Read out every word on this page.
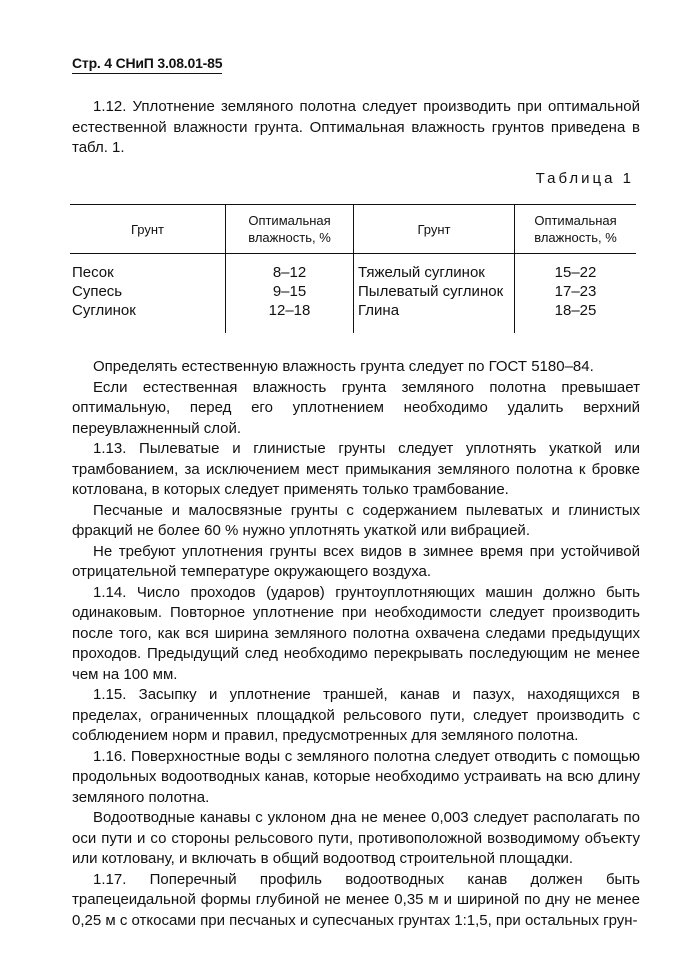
Стр. 4 СНиП 3.08.01-85

1.12. Уплотнение земляного полотна следует производить при оптимальной естественной влажности грунта. Оптимальная влажность грунтов приведена в табл. 1.

Таблица 1
Грунт
Оптимальная влажность, %
Грунт
Оптимальная влажность, %
Песок
Супесь
Суглинок
8–12
9–15
12–18
Тяжелый суглинок
Пылеватый суглинок
Глина
15–22
17–23
18–25

Определять естественную влажность грунта следует по ГОСТ 5180–84.

Если естественная влажность грунта земляного полотна превышает оптимальную, перед его уплотнением необходимо удалить верхний переувлажненный слой.

1.13. Пылеватые и глинистые грунты следует уплотнять укаткой или трамбованием, за исключением мест примыкания земляного полотна к бровке котлована, в которых следует применять только трамбование.

Песчаные и малосвязные грунты с содержанием пылеватых и глинистых фракций не более 60 % нужно уплотнять укаткой или вибрацией.

Не требуют уплотнения грунты всех видов в зимнее время при устойчивой отрицательной температуре окружающего воздуха.

1.14. Число проходов (ударов) грунтоуплотняющих машин должно быть одинаковым. Повторное уплотнение при необходимости следует производить после того, как вся ширина земляного полотна охвачена следами предыдущих проходов. Предыдущий след необходимо перекрывать последующим не менее чем на 100 мм.

1.15. Засыпку и уплотнение траншей, канав и пазух, находящихся в пределах, ограниченных площадкой рельсового пути, следует производить с соблюдением норм и правил, предусмотренных для земляного полотна.

1.16. Поверхностные воды с земляного полотна следует отводить с помощью продольных водоотводных канав, которые необходимо устраивать на всю длину земляного полотна.

Водоотводные канавы с уклоном дна не менее 0,003 следует располагать по оси пути и со стороны рельсового пути, противоположной возводимому объекту или котловану, и включать в общий водоотвод строительной площадки.

1.17. Поперечный профиль водоотводных канав должен быть трапецеидальной формы глубиной не менее 0,35 м и шириной по дну не менее 0,25 м с откосами при песчаных и супесчаных грунтах 1:1,5, при остальных грун-
